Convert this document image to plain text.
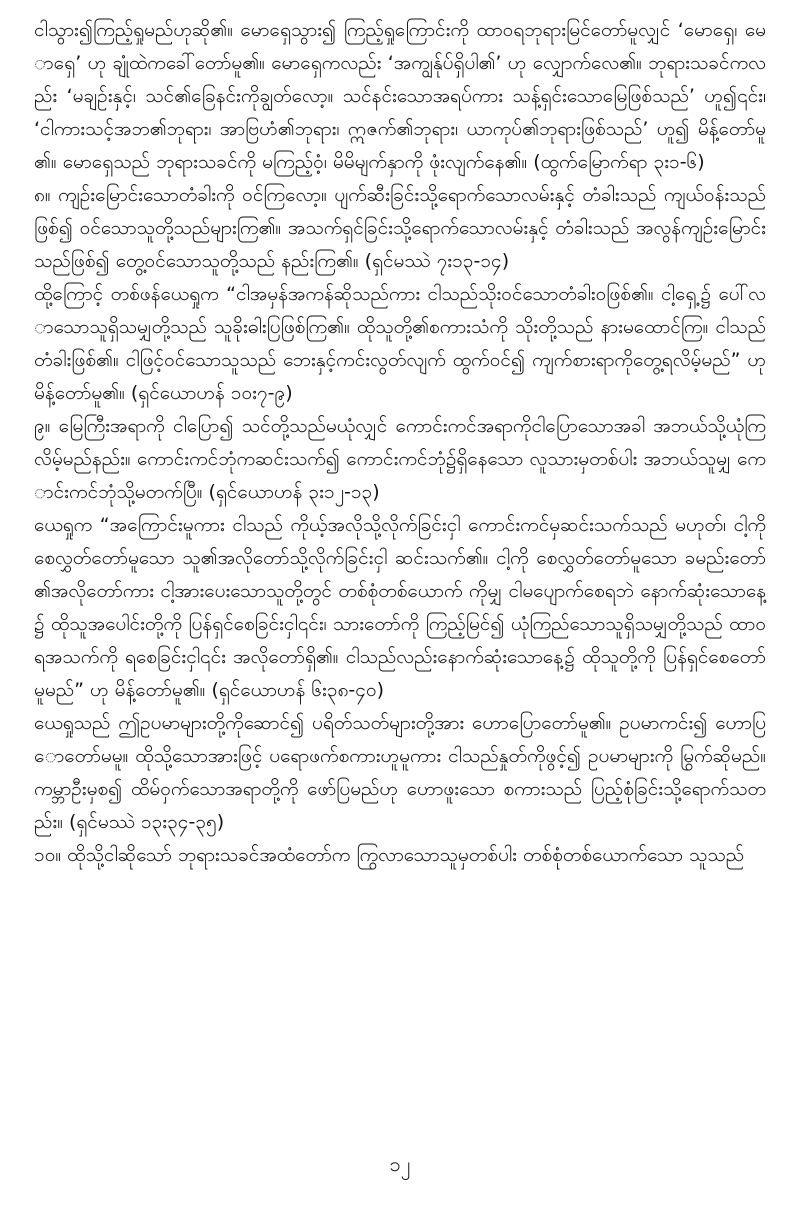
ငါသွား၍ကြည့်ရှုမည်ဟုဆို၏။ မောရှေသွား၍ ကြည့်ရှုကြောင်းကို ထာဝရဘုရားမြင်တော်မူလျှင် ‘မောရှေ၊ မောရှေ’ ဟု ချုံထဲကခေါ်တော်မူ၏။ မောရှေကလည်း ‘အကျွန်ုပ်ရှိပါ၏’ ဟု လျှောက်လေ၏။ ဘုရားသခင်ကလည်း ‘မချဉ်းနှင့်၊ သင်၏ခြေနင်းကိုချွတ်လော့။ သင်နင်းသောအရပ်ကား သန့်ရှင်းသောမြေဖြစ်သည်’ ဟူ၍၎င်း၊ ‘ငါကားသင့်အဘ၏ဘုရား၊ အာဗြဟံ၏ဘုရား၊ ဣဇက်၏ဘုရား၊ ယာကုပ်၏ဘုရားဖြစ်သည်’ ဟူ၍ မိန့်တော်မူ၏။ မောရှေသည် ဘုရားသခင်ကို မကြည့်ဝံ့၊ မိမိမျက်နှာကို ဖုံးလျက်နေ၏။ (ထွက်မြောက်ရာ ၃း၁-၆)

၈။ ကျဉ်းမြောင်းသောတံခါးကို ဝင်ကြလော့။ ပျက်ဆီးခြင်းသို့ရောက်သောလမ်းနှင့် တံခါးသည် ကျယ်ဝန်းသည်ဖြစ်၍ ဝင်သောသူတို့သည်များကြ၏။ အသက်ရှင်ခြင်းသို့ရောက်သောလမ်းနှင့် တံခါးသည် အလွန်ကျဉ်းမြောင်းသည်ဖြစ်၍ တွေ့ဝင်သောသူတို့သည် နည်းကြ၏။ (ရှင်မဿဲ ၇း၁၃-၁၄)

ထို့ကြောင့် တစ်ဖန်ယေရှုက “ငါအမှန်အကန်ဆိုသည်ကား ငါသည်သိုးဝင်သောတံခါးဝဖြစ်၏။ ငါ့ရှေ့၌ ပေါ်လာသောသူရှိသမျှတို့သည် သူခိုးဓါးပြဖြစ်ကြ၏။ ထိုသူတို့၏စကားသံကို သိုးတို့သည် နားမထောင်ကြ။ ငါသည်တံခါးဖြစ်၏။ ငါဖြင့်ဝင်သောသူသည် ဘေးနှင့်ကင်းလွတ်လျက် ထွက်ဝင်၍ ကျက်စားရာကိုတွေ့ရလိမ့်မည်” ဟု မိန့်တော်မူ၏။ (ရှင်ယောဟန် ၁၀း၇-၉)

၉။ မြေကြီးအရာကို ငါပြော၍ သင်တို့သည်မယုံလျှင် ကောင်းကင်အရာကိုငါပြောသောအခါ အဘယ်သို့ယုံကြလိမ့်မည်နည်း။ ကောင်းကင်ဘုံကဆင်းသက်၍ ကောင်းကင်ဘုံ၌ရှိနေသော လူသားမှတစ်ပါး အဘယ်သူမျှ ကောင်းကင်ဘုံသို့မတက်ပြီ။ (ရှင်ယောဟန် ၃း၁၂-၁၃)

ယေရှုက “အကြောင်းမူကား ငါသည် ကိုယ့်အလိုသို့လိုက်ခြင်းငှါ ကောင်းကင်မှဆင်းသက်သည် မဟုတ်၊ ငါ့ကိုစေလွှတ်တော်မူသော သူ၏အလိုတော်သို့လိုက်ခြင်းငှါ ဆင်းသက်၏။ ငါ့ကို စေလွှတ်တော်မူသော ခမည်းတော်၏အလိုတော်ကား ငါ့အားပေးသောသူတို့တွင် တစ်စုံတစ်ယောက် ကိုမျှ ငါမပျောက်စေရဘဲ နောက်ဆုံးသောနေ့၌ ထိုသူအပေါင်းတို့ကို ပြန်ရှင်စေခြင်းငှါ၎င်း၊ သားတော်ကို ကြည့်မြင်၍ ယုံကြည်သောသူရှိသမျှတို့သည် ထာဝရအသက်ကို ရစေခြင်းငှါ၎င်း အလိုတော်ရှိ၏။ ငါသည်လည်းနောက်ဆုံးသောနေ့၌ ထိုသူတို့ကို ပြန်ရှင်စေတော်မူမည်” ဟု မိန့်တော်မူ၏။ (ရှင်ယောဟန် ၆း၃၈-၄၀)

ယေရှုသည် ဤဥပမာများတို့ကိုဆောင်၍ ပရိတ်သတ်များတို့အား ဟောပြောတော်မူ၏။ ဥပမာကင်း၍ ဟောပြောတော်မမူ။ ထိုသို့သောအားဖြင့် ပရောဖက်စကားဟူမူကား ငါသည်နှုတ်ကိုဖွင့်၍ ဥပမာများကို မြွက်ဆိုမည်။ ကမ္ဘာဦးမှစ၍ ထိမ်ဝှက်သောအရာတို့ကို ဖော်ပြမည်ဟု ဟောဖူးသော စကားသည် ပြည့်စုံခြင်းသို့ရောက်သတည်း။ (ရှင်မဿဲ ၁၃း၃၄-၃၅)

၁၀။ ထိုသို့ငါဆိုသော် ဘုရားသခင်အထံတော်က ကြွလာသောသူမှတစ်ပါး တစ်စုံတစ်ယောက်သော သူသည်

၁၂
